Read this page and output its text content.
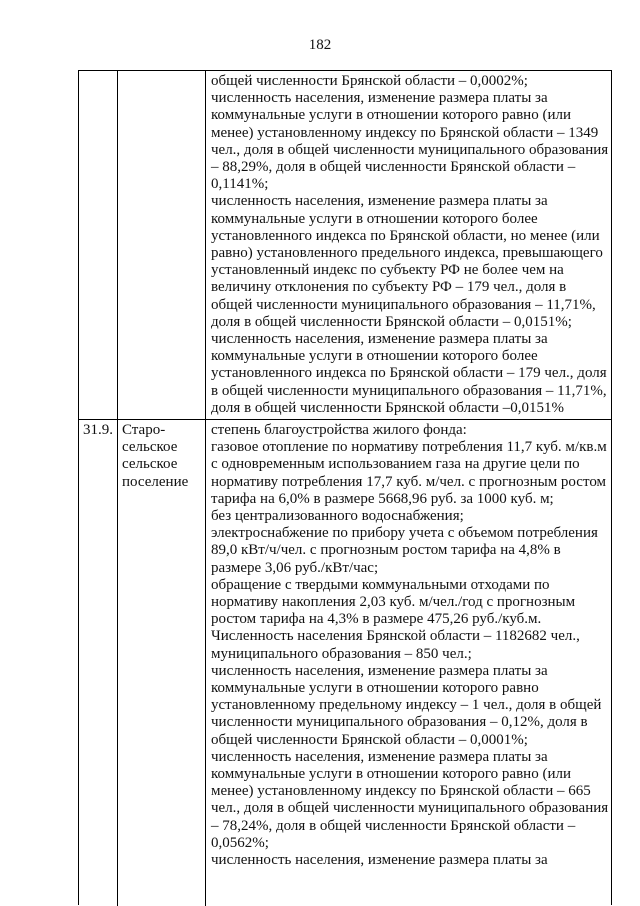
182
общей численности Брянской области – 0,0002%;
численность населения, изменение размера платы за
коммунальные услуги в отношении которого равно (или
менее) установленному индексу по Брянской области – 1349
чел., доля в общей численности муниципального образования
– 88,29%, доля в общей численности Брянской области –
0,1141%;
численность населения, изменение размера платы за
коммунальные услуги в отношении которого более
установленного индекса по Брянской области, но менее (или
равно) установленного предельного индекса, превышающего
установленный индекс по субъекту РФ не более чем на
величину отклонения по субъекту РФ – 179 чел., доля в
общей численности муниципального образования – 11,71%,
доля в общей численности Брянской области – 0,0151%;
численность населения, изменение размера платы за
коммунальные услуги в отношении которого более
установленного индекса по Брянской области – 179 чел., доля
в общей численности муниципального образования – 11,71%,
доля в общей численности Брянской области –0,0151%
31.9. Старо-
сельское
сельское
поселение
степень благоустройства жилого фонда:
газовое отопление по нормативу потребления 11,7 куб. м/кв.м
с одновременным использованием газа на другие цели по
нормативу потребления 17,7 куб. м/чел. с прогнозным ростом
тарифа на 6,0% в размере 5668,96 руб. за 1000 куб. м;
без централизованного водоснабжения;
электроснабжение по прибору учета с объемом потребления
89,0 кВт/ч/чел. с прогнозным ростом тарифа на 4,8% в
размере 3,06 руб./кВт/час;
обращение с твердыми коммунальными отходами по
нормативу накопления 2,03 куб. м/чел./год с прогнозным
ростом тарифа на 4,3% в размере 475,26 руб./куб.м.
Численность населения Брянской области – 1182682 чел.,
муниципального образования – 850 чел.;
численность населения, изменение размера платы за
коммунальные услуги в отношении которого равно
установленному предельному индексу – 1 чел., доля в общей
численности муниципального образования – 0,12%, доля в
общей численности Брянской области – 0,0001%;
численность населения, изменение размера платы за
коммунальные услуги в отношении которого равно (или
менее) установленному индексу по Брянской области – 665
чел., доля в общей численности муниципального образования
– 78,24%, доля в общей численности Брянской области –
0,0562%;
численность населения, изменение размера платы за
